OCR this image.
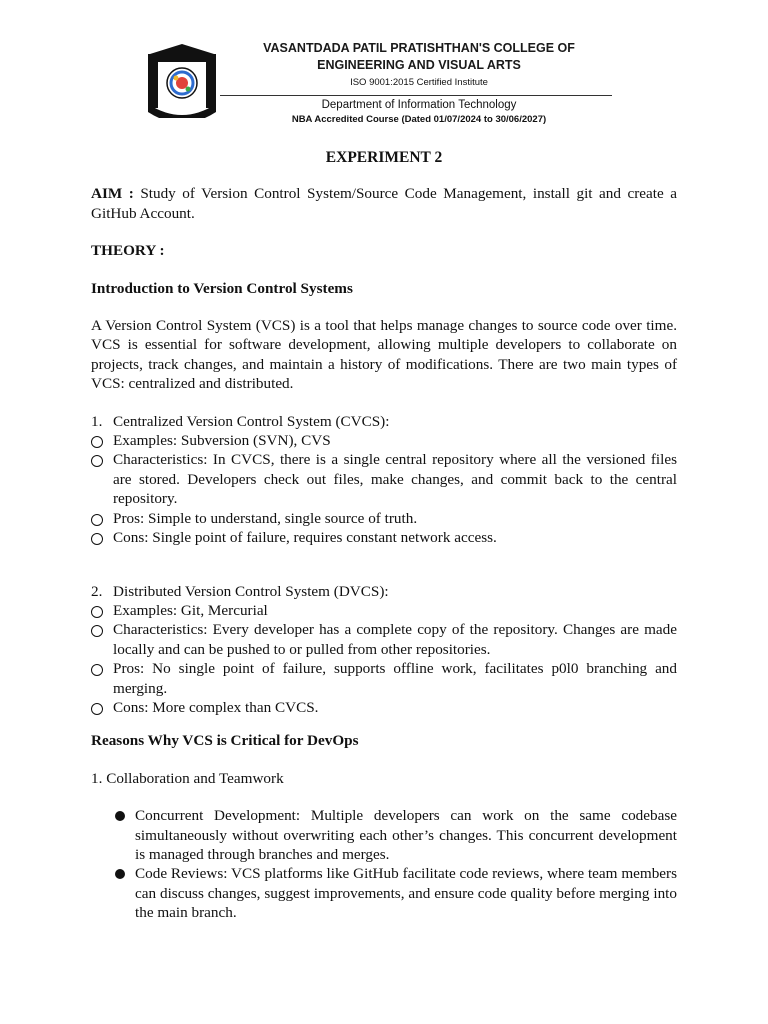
VASANTDADA PATIL PRATISHTHAN'S COLLEGE OF
ENGINEERING AND VISUAL ARTS
ISO 9001:2015 Certified Institute
Department of Information Technology
NBA Accredited Course (Dated 01/07/2024 to 30/06/2027)
EXPERIMENT 2

AIM : Study of Version Control System/Source Code Management, install git and create a GitHub Account.

THEORY :

Introduction to Version Control Systems

A Version Control System (VCS) is a tool that helps manage changes to source code over time. VCS is essential for software development, allowing multiple developers to collaborate on projects, track changes, and maintain a history of modifications. There are two main types of VCS: centralized and distributed.

1. Centralized Version Control System (CVCS):
Examples: Subversion (SVN), CVS
Characteristics: In CVCS, there is a single central repository where all the versioned files are stored. Developers check out files, make changes, and commit back to the central repository.
Pros: Simple to understand, single source of truth.
Cons: Single point of failure, requires constant network access.
2. Distributed Version Control System (DVCS):
Examples: Git, Mercurial
Characteristics: Every developer has a complete copy of the repository. Changes are made locally and can be pushed to or pulled from other repositories.
Pros: No single point of failure, supports offline work, facilitates p0l0 branching and merging.
Cons: More complex than CVCS.

Reasons Why VCS is Critical for DevOps

1. Collaboration and Teamwork

Concurrent Development: Multiple developers can work on the same codebase simultaneously without overwriting each other’s changes. This concurrent development is managed through branches and merges.
Code Reviews: VCS platforms like GitHub facilitate code reviews, where team members can discuss changes, suggest improvements, and ensure code quality before merging into the main branch.
